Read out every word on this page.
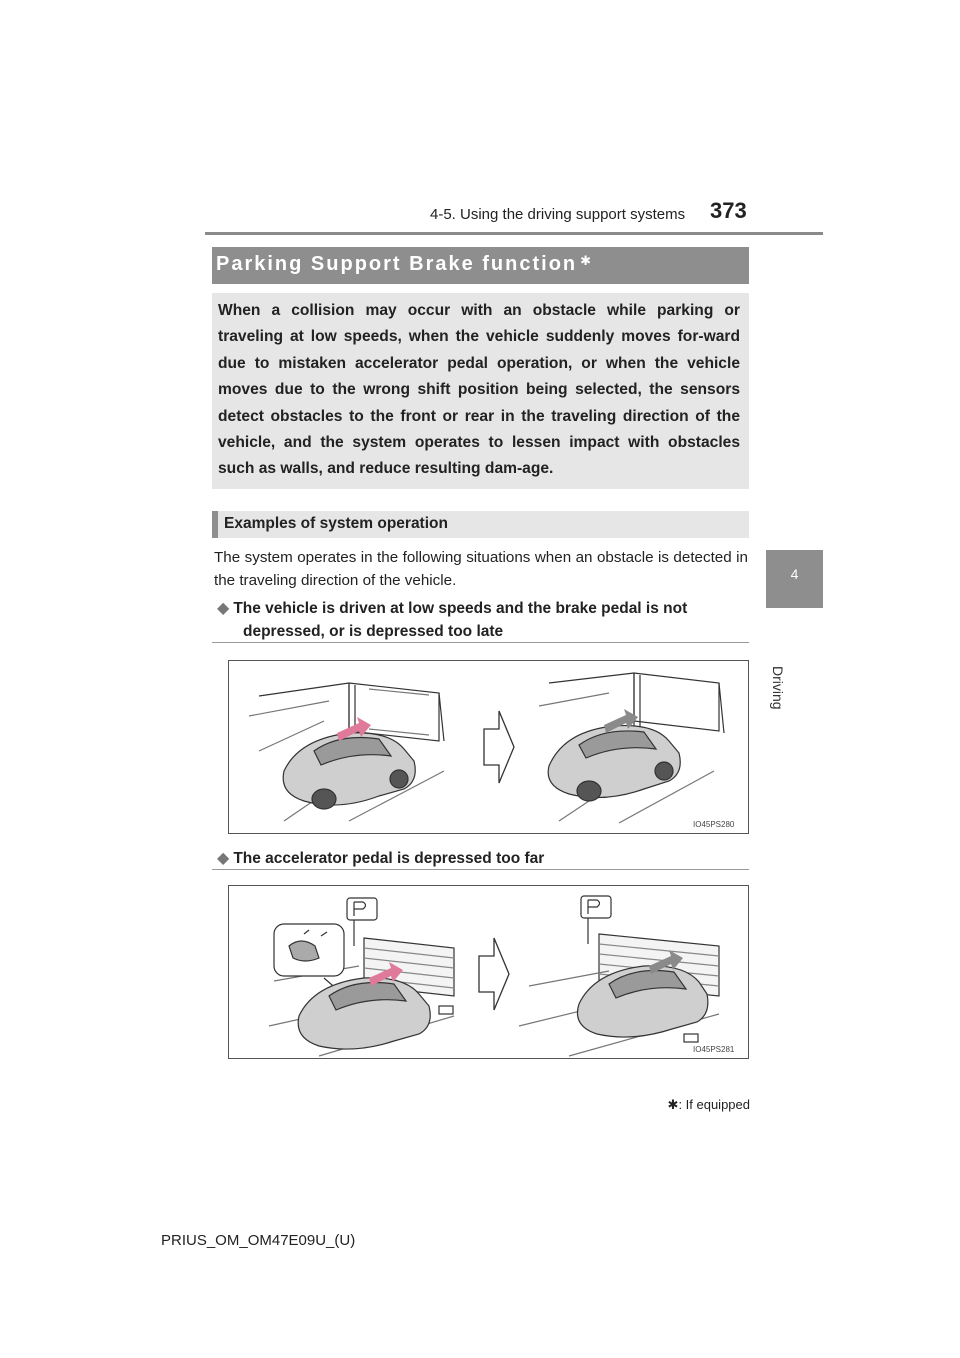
4-5. Using the driving support systems 373
4
Driving
Parking Support Brake function ✱
When a collision may occur with an obstacle while parking or traveling at low speeds, when the vehicle suddenly moves for-ward due to mistaken accelerator pedal operation, or when the vehicle moves due to the wrong shift position being selected, the sensors detect obstacles to the front or rear in the traveling direction of the vehicle, and the system operates to lessen impact with obstacles such as walls, and reduce resulting dam-age.
Examples of system operation
The system operates in the following situations when an obstacle is detected in the traveling direction of the vehicle.
◆ The vehicle is driven at low speeds and the brake pedal is not
depressed, or is depressed too late
IO45PS280
◆ The accelerator pedal is depressed too far
IO45PS281
✱: If equipped
PRIUS_OM_OM47E09U_(U)
